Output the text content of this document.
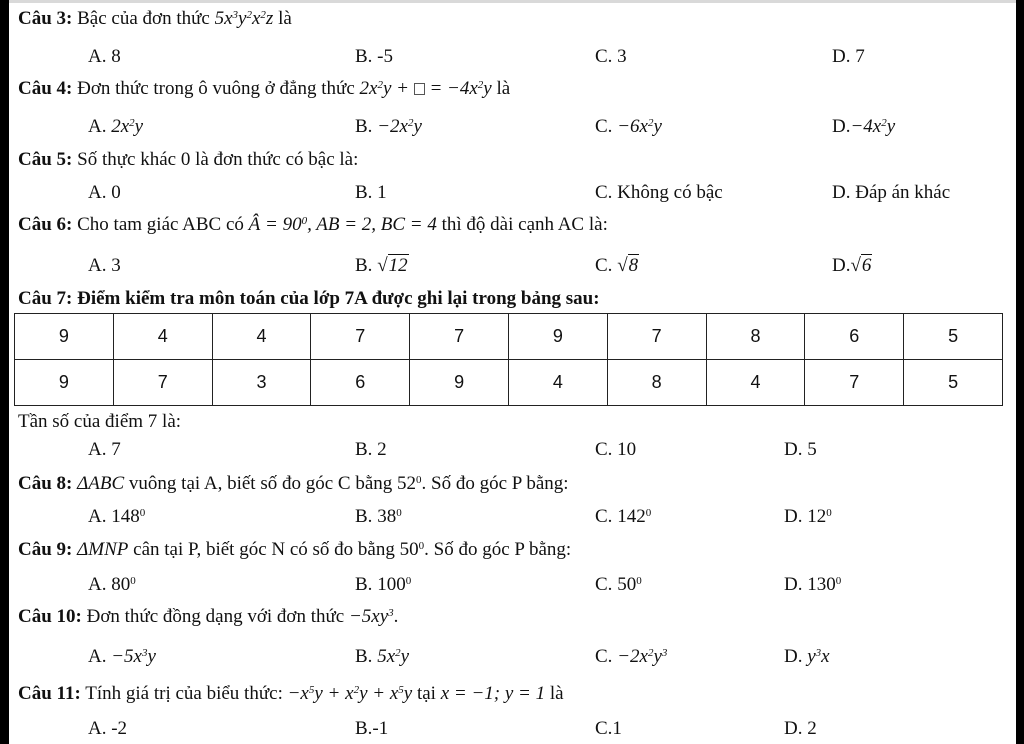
Câu 3: Bậc của đơn thức $5x^3y^2x^2z$ là
A. 8	B. -5	C. 3	D. 7
Câu 4: Đơn thức trong ô vuông ở đẳng thức $2x^2y$ + = $-4x^2y$ là
A. $2x^2y$	B. $-2x^2y$	C. $-6x^2y$	$D.-4x^2y$
Câu 5: Số thực khác 0 là đơn thức có bậc là:
A. 0	B. 1	C. Không có bậc	D. Đáp án khác
Câu 6: Cho tam giác ABC có Â = $90^0$, AB = 2, BC = 4 thì độ dài cạnh AC là:
A. 3	B. √12	C. √8	D.√6
Câu 7: Điểm kiểm tra môn toán của lớp 7A được ghi lại trong bảng sau:
9	4	4	7	7	9	7	8	6	5
9	7	3	6	9	4	8	4	7	5
Tần số của điểm 7 là:
A. 7	B. 2	C. 10	D. 5
Câu 8: ΔABC vuông tại A, biết số đo góc C bằng $52^0$. Số đo góc P bằng:
A. $148^0$	B. $38^0$	C. $142^0$	D. $12^0$
Câu 9: ΔMNP cân tại P, biết góc N có số đo bằng $50^0$. Số đo góc P bằng:
A. $80^0$	B. $100^0$	C. $50^0$	D. $130^0$
Câu 10: Đơn thức đồng dạng với đơn thức $-5xy^3$.
A. $-5x^3y$	B. $5x^2y$	C. $-2x^2y^3$	D. $y^3x$
Câu 11: Tính giá trị của biểu thức: $-x^5y + x^2y + x^5y$ tại x = −1; y = 1 là
A. -2	B.-1	C.1	D. 2
